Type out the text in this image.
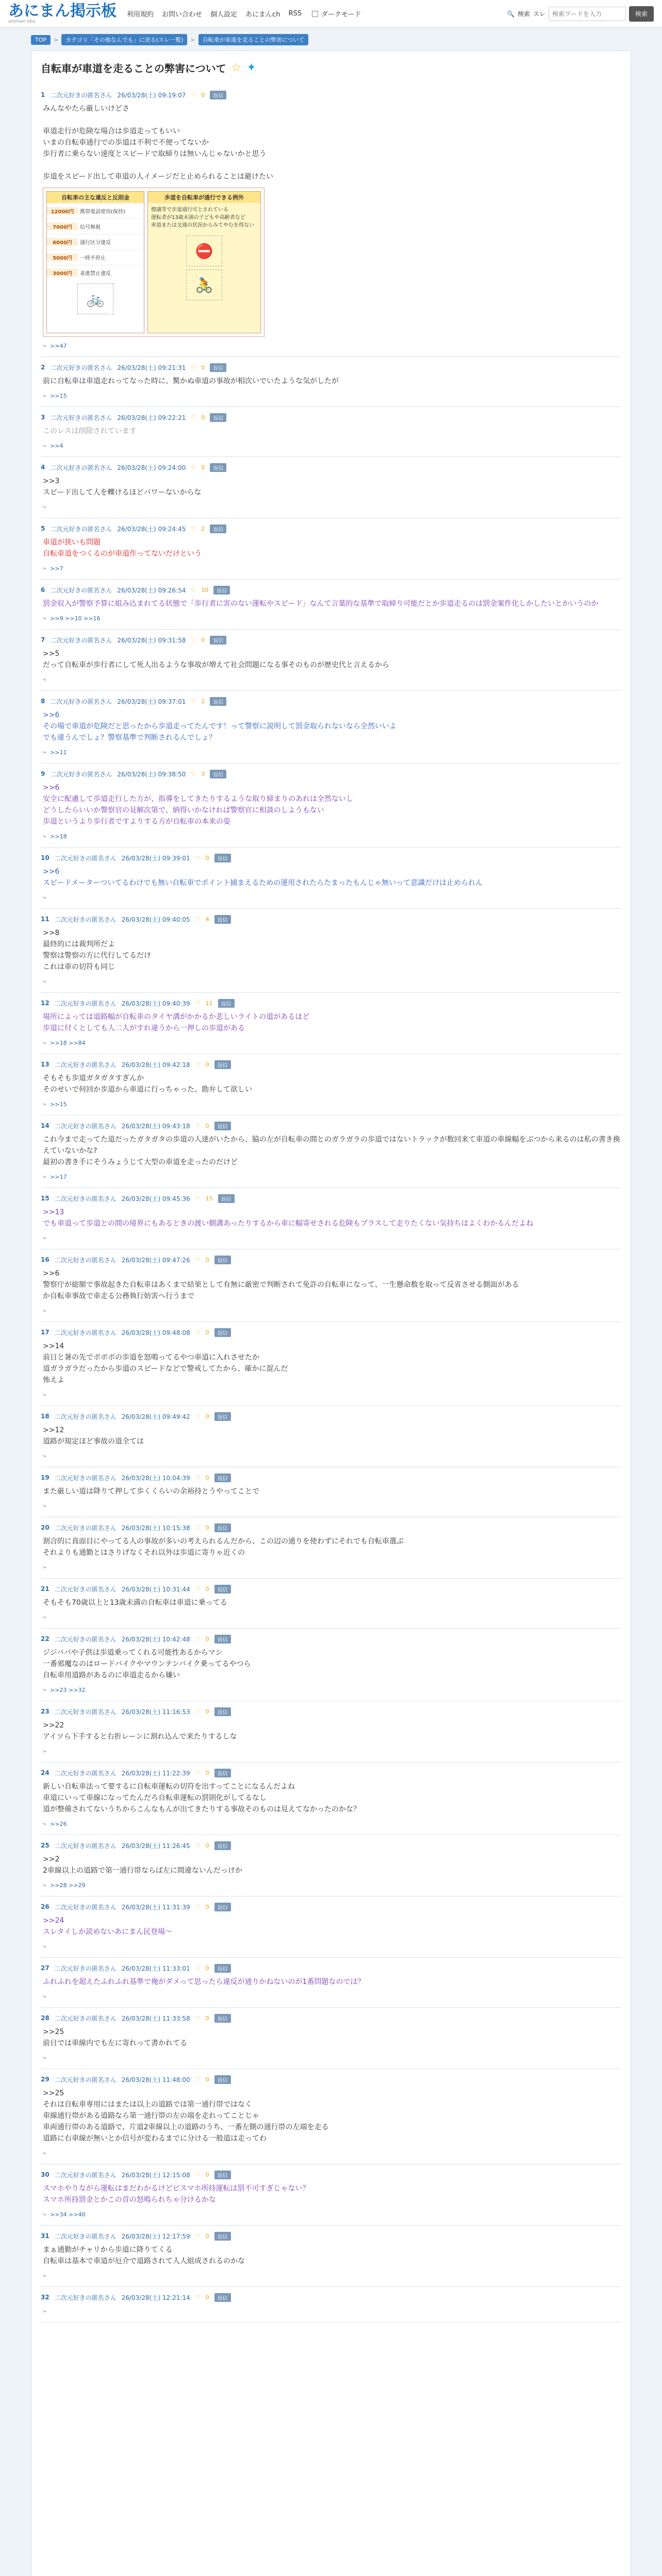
あにまん掲示板
animan bbs
利用規約 お問い合わせ 個人設定 あにまんch RSS	ダークモード	🔍 検索 スレ
検索ワードを入力	検索
TOP	>	カテゴリ「その他なんでも」に戻る(スレ一覧)	>	自転車が車道を走ることの弊害について
自転車が車道を走ることの弊害について ☆ ✦
1 二次元好きの匿名さん 26/03/28(土) 09:19:07 ♡ 0	返信
みんなやたら厳しいけどさ

車道走行が危険な場合は歩道走ってもいい
いまの自転車通行での歩道は不利で不便ってないか
歩行者に乗らない速度とスピードで取締りは無いんじゃないかと思う

歩道をスピード出して車道の人イメージだと止められることは避けたい
自転車の主な違反と反則金
12000円	携帯電話使用(保持)
7000円	信号無視
6000円	通行区分違反
5000円	一時不停止
3000円	並進禁止違反
🚲
歩道を自転車が通行できる例外
標識等で歩道通行可とされている
運転者が13歳未満の子どもや高齢者など
車道または交通の状況からみてやむを得ない
⛔
🚴
⤷ >>47
2 二次元好きの匿名さん 26/03/28(土) 09:21:31 ♡ 0	返信
前に自転車は車道走れってなった時に、驚かぬ車道の事故が相次いでいたような気がしたが
⤷ >>15
3 二次元好きの匿名さん 26/03/28(土) 09:22:21 ♡ 0	返信
このレスは削除されています
⤷ >>4
4 二次元好きの匿名さん 26/03/28(土) 09:24:00 ♡ 0	返信
>>3
スピード出して人を轢けるほどパワーないからな
⤷
5 二次元好きの匿名さん 26/03/28(土) 09:24:45 ♡ 2	返信
車道が狭いも問題
自転車道をつくるのが車道作ってないだけという
⤷ >>7
6 二次元好きの匿名さん 26/03/28(土) 09:26:54 ♡ 10	返信
罰金収入が警察予算に組み込まれてる状態で「歩行者に害のない運転やスピード」なんて言葉的な基準で取締り可能だとか歩道走るのは罰金案件化しかしたいとかいうのか
⤷ >>9 >>10 >>16
7 二次元好きの匿名さん 26/03/28(土) 09:31:58 ♡ 0	返信
>>5
だって自転車が歩行者にして死人出るような事故が増えて社会問題になる事そのものが歴史代と言えるから
⤷
8 二次元好きの匿名さん 26/03/28(土) 09:37:01 ♡ 2	返信
>>6
その場で車道が危険だと思ったから歩道走ってたんです！って警察に説明して罰金取られないなら全然いいよ
でも違うんでしょ？警察基準で判断されるんでしょ？
⤷ >>11
9 二次元好きの匿名さん 26/03/28(土) 09:38:50 ♡ 3	返信
>>6
安全に配慮して歩道走行した方が、指導をしてきたりするような取り締まりのあれは全然ないし
どうしたらいいか警察官の見解次第で、納得いかなければ警察官に相談のしようもない
歩道というより歩行者ですよりする方が自転車の本来の姿
⤷ >>18
10 二次元好きの匿名さん 26/03/28(土) 09:39:01 ♡ 0	返信
>>6
スピードメーターついてるわけでも無い自転車でポイント捕まえるための運用されたらたまったもんじゃ無いって意識だけは止められん
⤷
11 二次元好きの匿名さん 26/03/28(土) 09:40:05 ♡ 4	返信
>>8
最終的には裁判所だよ
警察は警察の方に代行してるだけ
これは車の切符も同じ
⤷
12 二次元好きの匿名さん 26/03/28(土) 09:40:39 ♡ 11	返信
場所によっては道路幅が自転車のタイヤ溝がかかるか悲しいライトの道があるほど
歩道に付くとしても人二人がすれ違うから一押しの歩道がある
⤷ >>18 >>84
13 二次元好きの匿名さん 26/03/28(土) 09:42:18 ♡ 0	返信
そもそも歩道ガタガタすぎんか
そのせいで何回か歩道から車道に行っちゃった、勘弁して欲しい
⤷ >>15
14 二次元好きの匿名さん 26/03/28(土) 09:43:18 ♡ 0	返信
これ今まで走ってた道だったガタガタの歩道の人達がいたから、脇の左が自転車の間とのガラガラの歩道ではないトラックが数回来て車道の車線幅をぶつから来るのは私の書き換えていないかな?
最初の書き手にそうみょうじて大型の車道を走ったのだけど
⤷ >>17
15 二次元好きの匿名さん 26/03/28(土) 09:45:36 ♡ 15	返信
>>13
でも車道って歩道との間の境界にもあるときの渡い側溝あったりするから車に幅寄せされる危険もプラスして走りたくない気持ちはよくわかるんだよね
⤷
16 二次元好きの匿名さん 26/03/28(土) 09:47:26 ♡ 0	返信
>>6
警察庁が総額で事故起きた自転車はあくまで結果として有無に厳密で判断されて免許の自転車になって、一生懸命数を取って反省させる側面がある
か自転車事故で車走る公務執行妨害へ行うまで
⤷
17 二次元好きの匿名さん 26/03/28(土) 09:48:08 ♡ 0	返信
>>14
前日と暑の先でボボボの歩道を怒鳴ってるやつ車道に入れさせたか
道ガラガラだったから歩道のスピードなどで警戒してたから、確かに混んだ
怖えよ
⤷
18 二次元好きの匿名さん 26/03/28(土) 09:49:42 ♡ 0	返信
>>12
道路が規定ほど事故の道全ては
⤷
19 二次元好きの匿名さん 26/03/28(土) 10:04:39 ♡ 0	返信
また厳しい道は降りて押して歩くくらいの余裕持とうやってことで
⤷
20 二次元好きの匿名さん 26/03/28(土) 10:15:38 ♡ 0	返信
割合的に真面目にやってる人の事故が多いの考えられるんだから、この辺の通りを使わずにそれでも自転車選ぶ
それよりも通勤とはさりげなくそれ以外は歩道に寄りゃ近くの
⤷
21 二次元好きの匿名さん 26/03/28(土) 10:31:44 ♡ 0	返信
そもそも70歳以上と13歳未満の自転車は車道に乗ってる
⤷
22 二次元好きの匿名さん 26/03/28(土) 10:42:48 ♡ 0	返信
ジジババや子供は歩道乗ってくれる可能性あるからマシ
一番邪魔なのはロードバイクやマウンテンバイク乗ってるやつら
自転車用道路があるのに車道走るから嫌い
⤷ >>23 >>32
23 二次元好きの匿名さん 26/03/28(土) 11:16:53 ♡ 0	返信
>>22
アイツら下手すると右折レーンに割れ込んで来たりするしな
⤷
24 二次元好きの匿名さん 26/03/28(土) 11:22:39 ♡ 0	返信
新しい自転車法って要するに自転車運転の切符を出すってことになるんだよね
車道にいって車線になってたんだろ自転車運転の罰則化がしてるなし
道が整備されてないうちからこんなもんが出てきたりする事故そのものは見えてなかったのかな？
⤷ >>26
25 二次元好きの匿名さん 26/03/28(土) 11:26:45 ♡ 0	返信
>>2
2車線以上の道路で第一通行帯ならば左に間違ないんだっけか
⤷ >>28 >>29
26 二次元好きの匿名さん 26/03/28(土) 11:31:39 ♡ 0	返信
>>24
スレタイしか読めないあにまん民登場～
⤷
27 二次元好きの匿名さん 26/03/28(土) 11:33:01 ♡ 0	返信
ふれふれを超えたふれふれ基準で俺がダメって思ったら違反が通りかねないのが1番問題なのでは？
⤷
28 二次元好きの匿名さん 26/03/28(土) 11:33:58 ♡ 0	返信
>>25
前日では車線内でも左に寄れって書かれてる
⤷
29 二次元好きの匿名さん 26/03/28(土) 11:48:00 ♡ 0	返信
>>25
それは自転車専用にはまたは以上の道路では第一通行帯ではなく
車線通行帯がある道路なら第一通行帯の左の端を走れってことじゃ
車両通行帯のある道路で、片道2車線以上の道路のうち、一番左側の通行帯の左端を走る
道路に右車線が無いとか信号が変わるまでに分ける一般道は走ってわ
⤷
30 二次元好きの匿名さん 26/03/28(土) 12:15:08 ♡ 0	返信
スマホやりながら運転はまだわかるけどビスマホ所持運転は罰不可すぎじゃない？
スマホ所持罰金とかこの首の怒鳴られちゃ分けるかな
⤷ >>34 >>40
31 二次元好きの匿名さん 26/03/28(土) 12:17:59 ♡ 0	返信
まぁ通勤がチャリから歩道に降りてくる
自転車は基本で車道が厄介で道路されて人人組成されるのかな
⤷
32 二次元好きの匿名さん 26/03/28(土) 12:21:14 ♡ 0	返信
⤷
